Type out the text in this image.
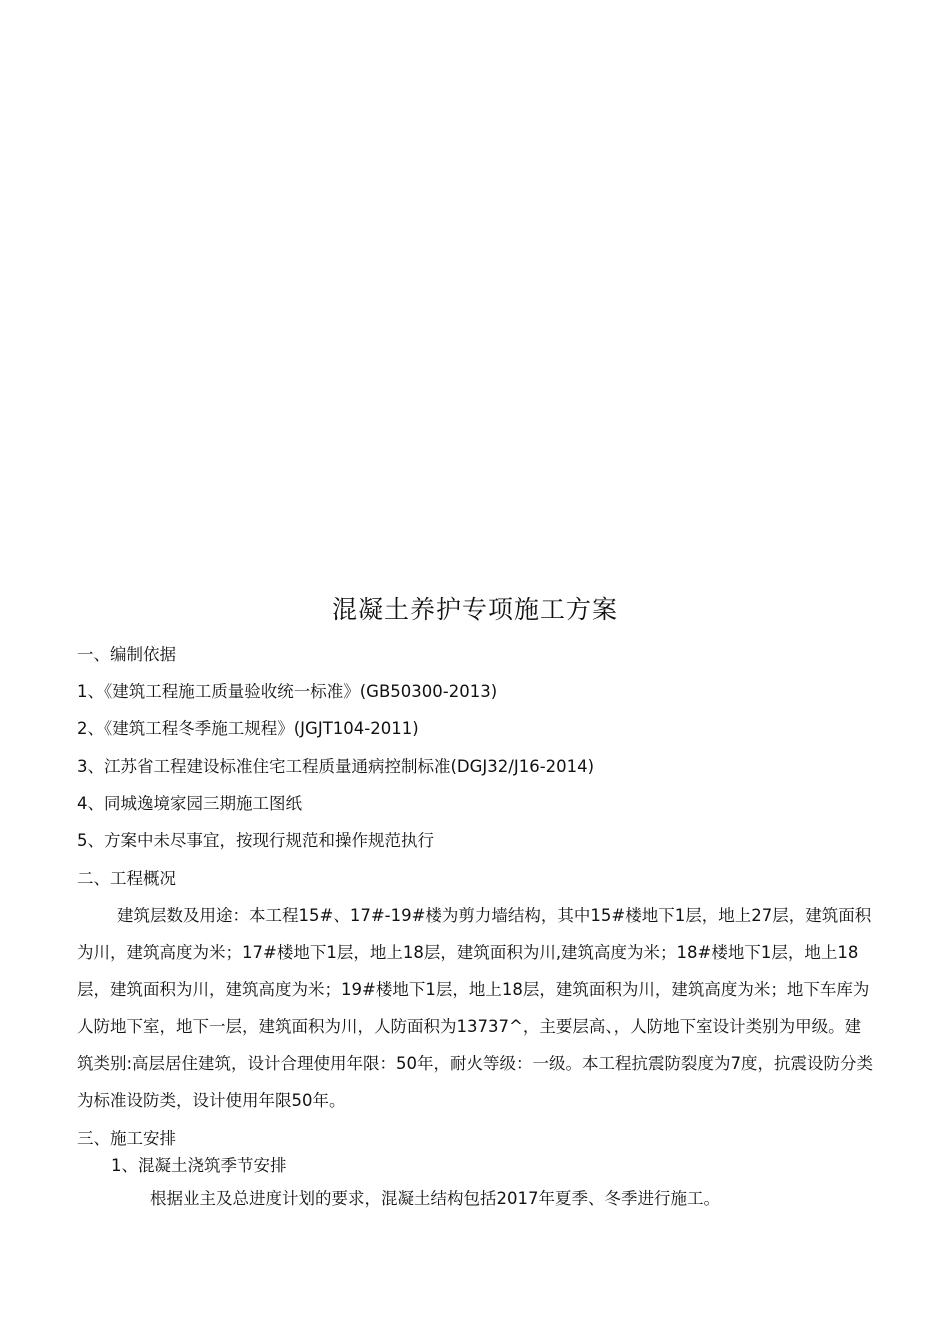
混凝土养护专项施工方案
一、编制依据
1、《建筑工程施工质量验收统一标准》(GB50300-2013)
2、《建筑工程冬季施工规程》(JGJT104-2011)
3、江苏省工程建设标准住宅工程质量通病控制标准(DGJ32/J16-2014)
4、同城逸境家园三期施工图纸
5、方案中未尽事宜，按现行规范和操作规范执行
二、工程概况
建筑层数及用途：本工程15#、17#-19#楼为剪力墙结构，其中15#楼地下1层，地上27层，建筑面积为川，建筑高度为米；17#楼地下1层，地上18层，建筑面积为川,建筑高度为米；18#楼地下1层，地上18层，建筑面积为川，建筑高度为米；19#楼地下1层，地上18层，建筑面积为川，建筑高度为米；地下车库为人防地下室，地下一层，建筑面积为川，人防面积为13737^，主要层高、，人防地下室设计类别为甲级。建筑类别:高层居住建筑，设计合理使用年限：50年，耐火等级：一级。本工程抗震防裂度为7度，抗震设防分类为标准设防类，设计使用年限50年。
三、施工安排
1、混凝土浇筑季节安排
根据业主及总进度计划的要求，混凝土结构包括2017年夏季、冬季进行施工。
